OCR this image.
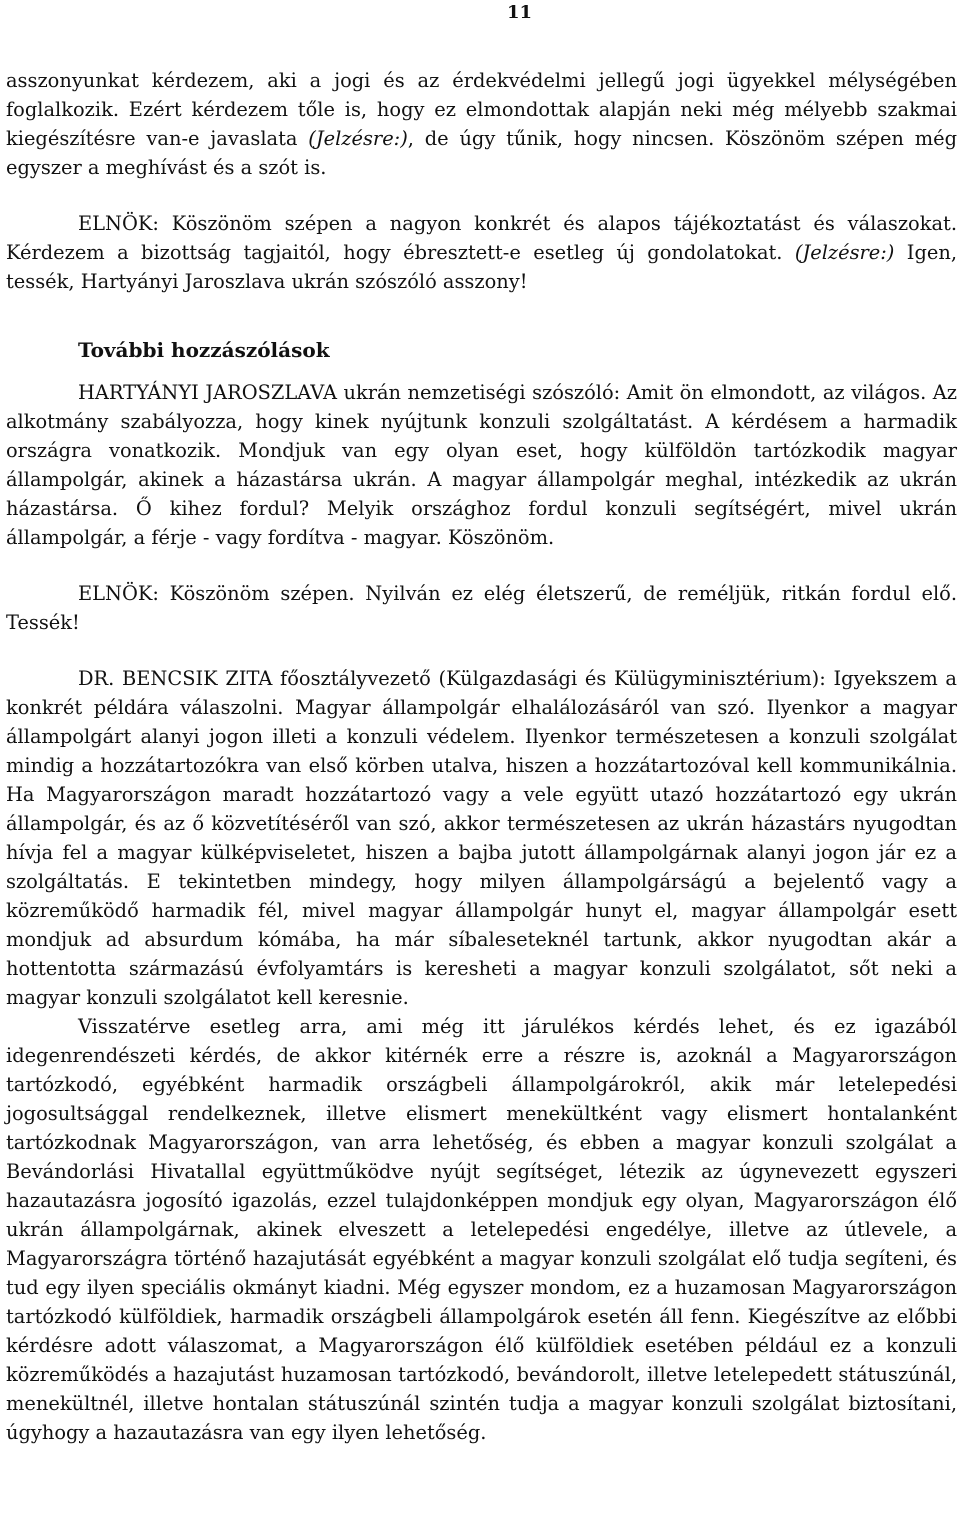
11

asszonyunkat kérdezem, aki a jogi és az érdekvédelmi jellegű jogi ügyekkel mélységében foglalkozik. Ezért kérdezem tőle is, hogy ez elmondottak alapján neki még mélyebb szakmai kiegészítésre van-e javaslata (Jelzésre:), de úgy tűnik, hogy nincsen. Köszönöm szépen még egyszer a meghívást és a szót is.

ELNÖK: Köszönöm szépen a nagyon konkrét és alapos tájékoztatást és válaszokat. Kérdezem a bizottság tagjaitól, hogy ébresztett-e esetleg új gondolatokat. (Jelzésre:) Igen, tessék, Hartyányi Jaroszlava ukrán szószóló asszony!

További hozzászólások

HARTYÁNYI JAROSZLAVA ukrán nemzetiségi szószóló: Amit ön elmondott, az világos. Az alkotmány szabályozza, hogy kinek nyújtunk konzuli szolgáltatást. A kérdésem a harmadik országra vonatkozik. Mondjuk van egy olyan eset, hogy külföldön tartózkodik magyar állampolgár, akinek a házastársa ukrán. A magyar állampolgár meghal, intézkedik az ukrán házastársa. Ő kihez fordul? Melyik országhoz fordul konzuli segítségért, mivel ukrán állampolgár, a férje - vagy fordítva - magyar. Köszönöm.

ELNÖK: Köszönöm szépen. Nyilván ez elég életszerű, de reméljük, ritkán fordul elő. Tessék!

DR. BENCSIK ZITA főosztályvezető (Külgazdasági és Külügyminisztérium): Igyekszem a konkrét példára válaszolni. Magyar állampolgár elhalálozásáról van szó. Ilyenkor a magyar állampolgárt alanyi jogon illeti a konzuli védelem. Ilyenkor természetesen a konzuli szolgálat mindig a hozzátartozókra van első körben utalva, hiszen a hozzátartozóval kell kommunikálnia. Ha Magyarországon maradt hozzátartozó vagy a vele együtt utazó hozzátartozó egy ukrán állampolgár, és az ő közvetítéséről van szó, akkor természetesen az ukrán házastárs nyugodtan hívja fel a magyar külképviseletet, hiszen a bajba jutott állampolgárnak alanyi jogon jár ez a szolgáltatás. E tekintetben mindegy, hogy milyen állampolgárságú a bejelentő vagy a közreműködő harmadik fél, mivel magyar állampolgár hunyt el, magyar állampolgár esett mondjuk ad absurdum kómába, ha már síbaleseteknél tartunk, akkor nyugodtan akár a hottentotta származású évfolyamtárs is keresheti a magyar konzuli szolgálatot, sőt neki a magyar konzuli szolgálatot kell keresnie.

Visszatérve esetleg arra, ami még itt járulékos kérdés lehet, és ez igazából idegenrendészeti kérdés, de akkor kitérnék erre a részre is, azoknál a Magyarországon tartózkodó, egyébként harmadik országbeli állampolgárokról, akik már letelepedési jogosultsággal rendelkeznek, illetve elismert menekültként vagy elismert hontalanként tartózkodnak Magyarországon, van arra lehetőség, és ebben a magyar konzuli szolgálat a Bevándorlási Hivatallal együttműködve nyújt segítséget, létezik az úgynevezett egyszeri hazautazásra jogosító igazolás, ezzel tulajdonképpen mondjuk egy olyan, Magyarországon élő ukrán állampolgárnak, akinek elveszett a letelepedési engedélye, illetve az útlevele, a Magyarországra történő hazajutását egyébként a magyar konzuli szolgálat elő tudja segíteni, és tud egy ilyen speciális okmányt kiadni. Még egyszer mondom, ez a huzamosan Magyarországon tartózkodó külföldiek, harmadik országbeli állampolgárok esetén áll fenn. Kiegészítve az előbbi kérdésre adott válaszomat, a Magyarországon élő külföldiek esetében például ez a konzuli közreműködés a hazajutást huzamosan tartózkodó, bevándorolt, illetve letelepedett státuszúnál, menekültnél, illetve hontalan státuszúnál szintén tudja a magyar konzuli szolgálat biztosítani, úgyhogy a hazautazásra van egy ilyen lehetőség.
